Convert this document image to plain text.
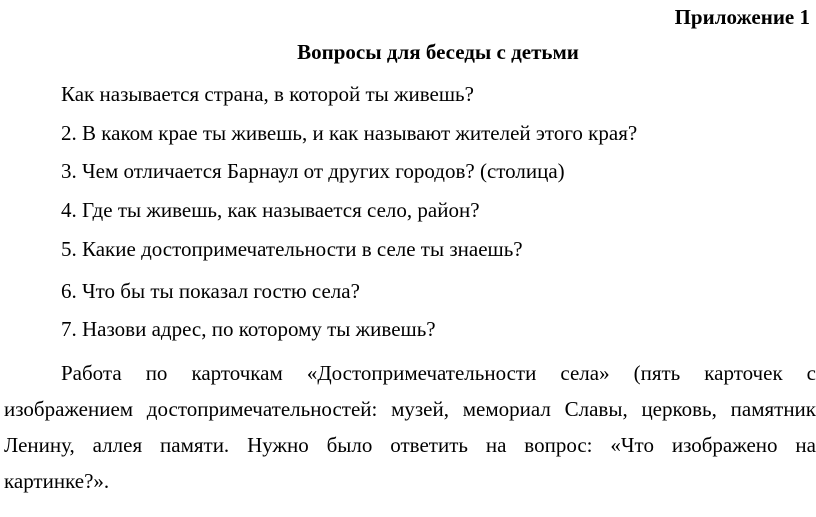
Приложение 1
Вопросы для беседы с детьми
Как называется страна, в которой ты живешь?
2. В каком крае ты живешь, и как называют жителей этого края?
3. Чем отличается Барнаул от других городов? (столица)
4. Где ты живешь, как называется село, район?
5. Какие достопримечательности в селе ты знаешь?
6. Что бы ты показал гостю села?
7. Назови адрес, по которому ты живешь?

Работа по карточкам «Достопримечательности села» (пять карточек с изображением достопримечательностей: музей, мемориал Славы, церковь, памятник Ленину, аллея памяти. Нужно было ответить на вопрос: «Что изображено на картинке?».
